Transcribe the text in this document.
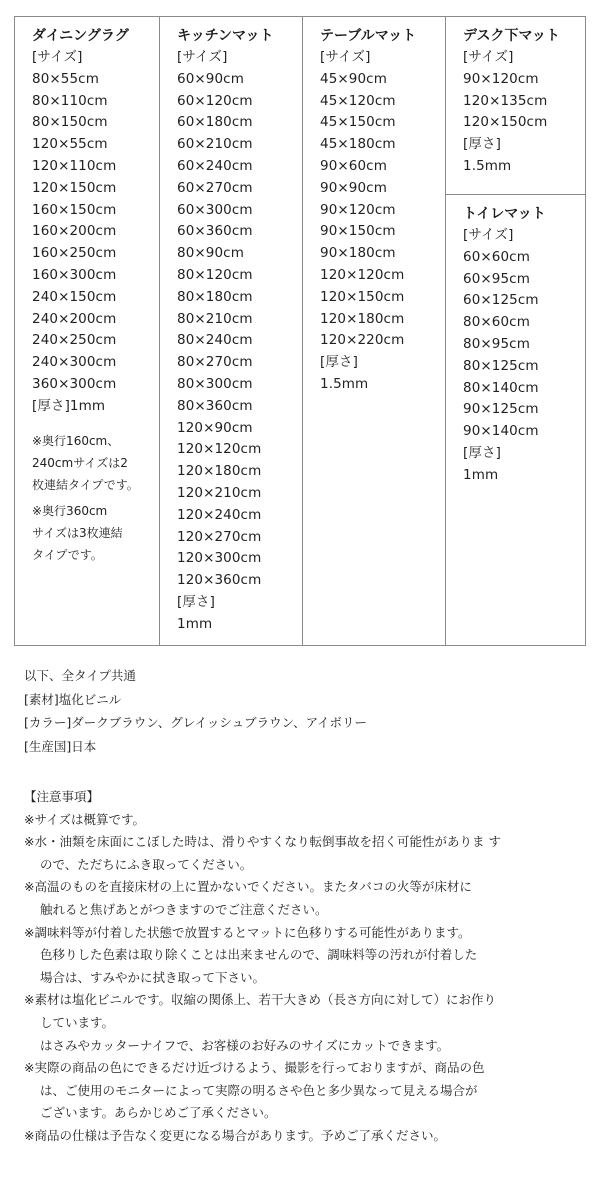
ダイニングラグ
[サイズ]
80×55cm
80×110cm
80×150cm
120×55cm
120×110cm
120×150cm
160×150cm
160×200cm
160×250cm
160×300cm
240×150cm
240×200cm
240×250cm
240×300cm
360×300cm
[厚さ]1mm
※奥行160cm、
240cmサイズは2
枚連結タイプです。
※奥行360cm
サイズは3枚連結
タイプです。
キッチンマット
[サイズ]
60×90cm
60×120cm
60×180cm
60×210cm
60×240cm
60×270cm
60×300cm
60×360cm
80×90cm
80×120cm
80×180cm
80×210cm
80×240cm
80×270cm
80×300cm
80×360cm
120×90cm
120×120cm
120×180cm
120×210cm
120×240cm
120×270cm
120×300cm
120×360cm
[厚さ]
1mm
テーブルマット
[サイズ]
45×90cm
45×120cm
45×150cm
45×180cm
90×60cm
90×90cm
90×120cm
90×150cm
90×180cm
120×120cm
120×150cm
120×180cm
120×220cm
[厚さ]
1.5mm
デスク下マット
[サイズ]
90×120cm
120×135cm
120×150cm
[厚さ]
1.5mm
トイレマット
[サイズ]
60×60cm
60×95cm
60×125cm
80×60cm
80×95cm
80×125cm
80×140cm
90×125cm
90×140cm
[厚さ]
1mm
以下、全タイプ共通
[素材]塩化ビニル
[カラー]ダークブラウン、グレイッシュブラウン、アイボリー
[生産国]日本
【注意事項】
※サイズは概算です。
※水・油類を床面にこぼした時は、滑りやすくなり転倒事故を招く可能性がありま す
ので、ただちにふき取ってください。
※高温のものを直接床材の上に置かないでください。またタバコの火等が床材に
触れると焦げあとがつきますのでご注意ください。
※調味料等が付着した状態で放置するとマットに色移りする可能性があります。
色移りした色素は取り除くことは出来ませんので、調味料等の汚れが付着した
場合は、すみやかに拭き取って下さい。
※素材は塩化ビニルです。収縮の関係上、若干大きめ（長さ方向に対して）にお作り
しています。
はさみやカッターナイフで、お客様のお好みのサイズにカットできます。
※実際の商品の色にできるだけ近づけるよう、撮影を行っておりますが、商品の色
は、ご使用のモニターによって実際の明るさや色と多少異なって見える場合が
ございます。あらかじめご了承ください。
※商品の仕様は予告なく変更になる場合があります。予めご了承ください。
